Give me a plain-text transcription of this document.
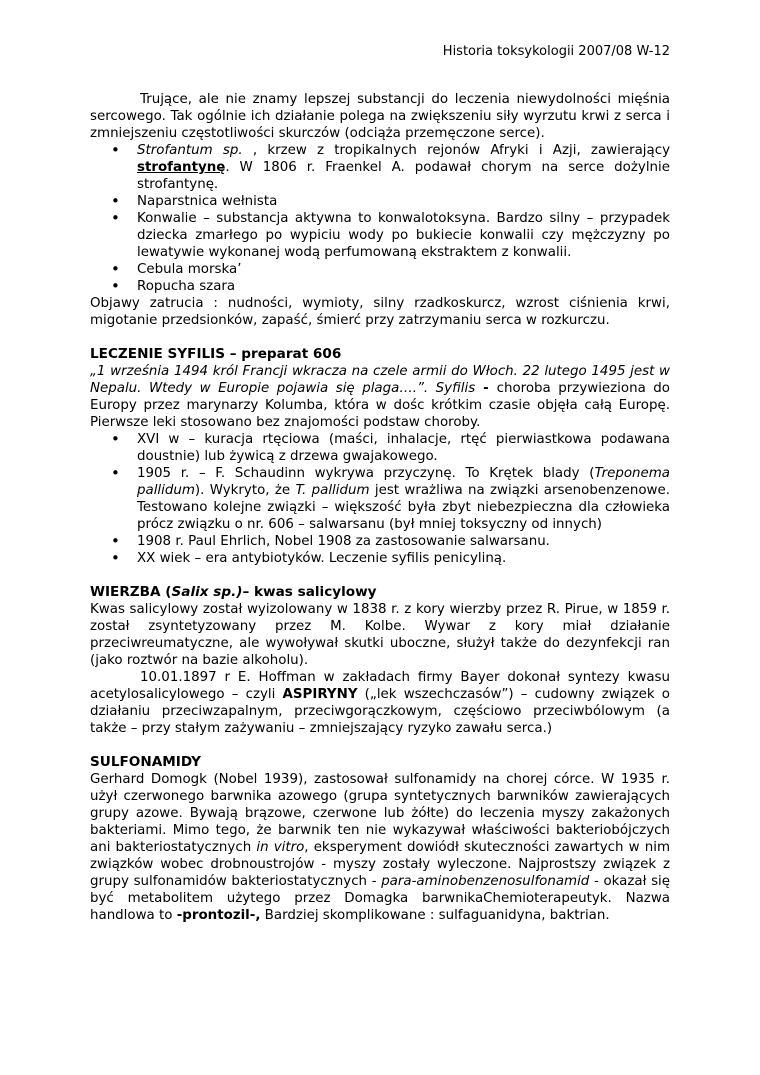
Historia toksykologii 2007/08 W-12

Trujące, ale nie znamy lepszej substancji do leczenia niewydolności mięśnia sercowego. Tak ogólnie ich działanie polega na zwiększeniu siły wyrzutu krwi z serca i zmniejszeniu częstotliwości skurczów (odciąża przemęczone serce).

• Strofantum sp. , krzew z tropikalnych rejonów Afryki i Azji, zawierający strofantynę. W 1806 r. Fraenkel A. podawał chorym na serce dożylnie strofantynę.
• Naparstnica wełnista
• Konwalie – substancja aktywna to konwalotoksyna. Bardzo silny – przypadek dziecka zmarłego po wypiciu wody po bukiecie konwalii czy mężczyzny po lewatywie wykonanej wodą perfumowaną ekstraktem z konwalii.
• Cebula morska’
• Ropucha szara

Objawy zatrucia : nudności, wymioty, silny rzadkoskurcz, wzrost ciśnienia krwi, migotanie przedsionków, zapaść, śmierć przy zatrzymaniu serca w rozkurczu.

LECZENIE SYFILIS – preparat 606

„1 września 1494 król Francji wkracza na czele armii do Włoch. 22 lutego 1495 jest w Nepalu. Wtedy w Europie pojawia się plaga….”. Syfilis - choroba przywieziona do Europy przez marynarzy Kolumba, która w dośc krótkim czasie objęła całą Europę. Pierwsze leki stosowano bez znajomości podstaw choroby.

• XVI w – kuracja rtęciowa (maści, inhalacje, rtęć pierwiastkowa podawana doustnie) lub żywicą z drzewa gwajakowego.
• 1905 r. – F. Schaudinn wykrywa przyczynę. To Krętek blady (Treponema pallidum). Wykryto, że T. pallidum jest wrażliwa na związki arsenobenzenowe. Testowano kolejne związki – większość była zbyt niebezpieczna dla człowieka prócz związku o nr. 606 – salwarsanu (był mniej toksyczny od innych)
• 1908 r. Paul Ehrlich, Nobel 1908 za zastosowanie salwarsanu.
• XX wiek – era antybiotyków. Leczenie syfilis penicyliną.
WIERZBA (Salix sp.)– kwas salicylowy

Kwas salicylowy został wyizolowany w 1838 r. z kory wierzby przez R. Pirue, w 1859 r. został zsyntetyzowany przez M. Kolbe. Wywar z kory miał działanie przeciwreumatyczne, ale wywoływał skutki uboczne, służył także do dezynfekcji ran (jako roztwór na bazie alkoholu).

10.01.1897 r E. Hoffman w zakładach firmy Bayer dokonał syntezy kwasu acetylosalicylowego – czyli ASPIRYNY („lek wszechczasów”) – cudowny związek o działaniu przeciwzapalnym, przeciwgorączkowym, częściowo przeciwbólowym (a także – przy stałym zażywaniu – zmniejszający ryzyko zawału serca.)

SULFONAMIDY

Gerhard Domogk (Nobel 1939), zastosował sulfonamidy na chorej córce. W 1935 r. użył czerwonego barwnika azowego (grupa syntetycznych barwników zawierających grupy azowe. Bywają brązowe, czerwone lub żółte) do leczenia myszy zakażonych bakteriami. Mimo tego, że barwnik ten nie wykazywał właściwości bakteriobójczych ani bakteriostatycznych in vitro, eksperyment dowiódł skuteczności zawartych w nim związków wobec drobnoustrojów - myszy zostały wyleczone. Najprostszy związek z grupy sulfonamidów bakteriostatycznych - para-aminobenzenosulfonamid - okazał się być metabolitem użytego przez Domagka barwnikaChemioterapeutyk. Nazwa handlowa to -prontozil-, Bardziej skomplikowane : sulfaguanidyna, baktrian.
